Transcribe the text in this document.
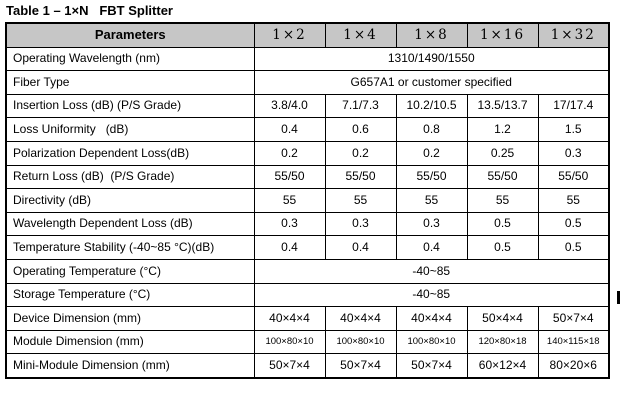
Table 1 – 1×N   FBT Splitter
Parameters	1×2	1×4	1×8	1×16	1×32
Operating Wavelength (nm)	1310/1490/1550				
Fiber Type	G657A1 or customer specified				
Insertion Loss (dB) (P/S Grade)	3.8/4.0	7.1/7.3	10.2/10.5	13.5/13.7	17/17.4
Loss Uniformity   (dB)	0.4	0.6	0.8	1.2	1.5
Polarization Dependent Loss(dB)	0.2	0.2	0.2	0.25	0.3
Return Loss (dB)  (P/S Grade)	55/50	55/50	55/50	55/50	55/50
Directivity (dB)	55	55	55	55	55
Wavelength Dependent Loss (dB)	0.3	0.3	0.3	0.5	0.5
Temperature Stability (-40~85 °C)(dB)	0.4	0.4	0.4	0.5	0.5
Operating Temperature (°C)	-40~85				
Storage Temperature (°C)	-40~85				
Device Dimension (mm)	40×4×4	40×4×4	40×4×4	50×4×4	50×7×4
Module Dimension (mm)	100×80×10	100×80×10	100×80×10	120×80×18	140×115×18
Mini-Module Dimension (mm)	50×7×4	50×7×4	50×7×4	60×12×4	80×20×6
